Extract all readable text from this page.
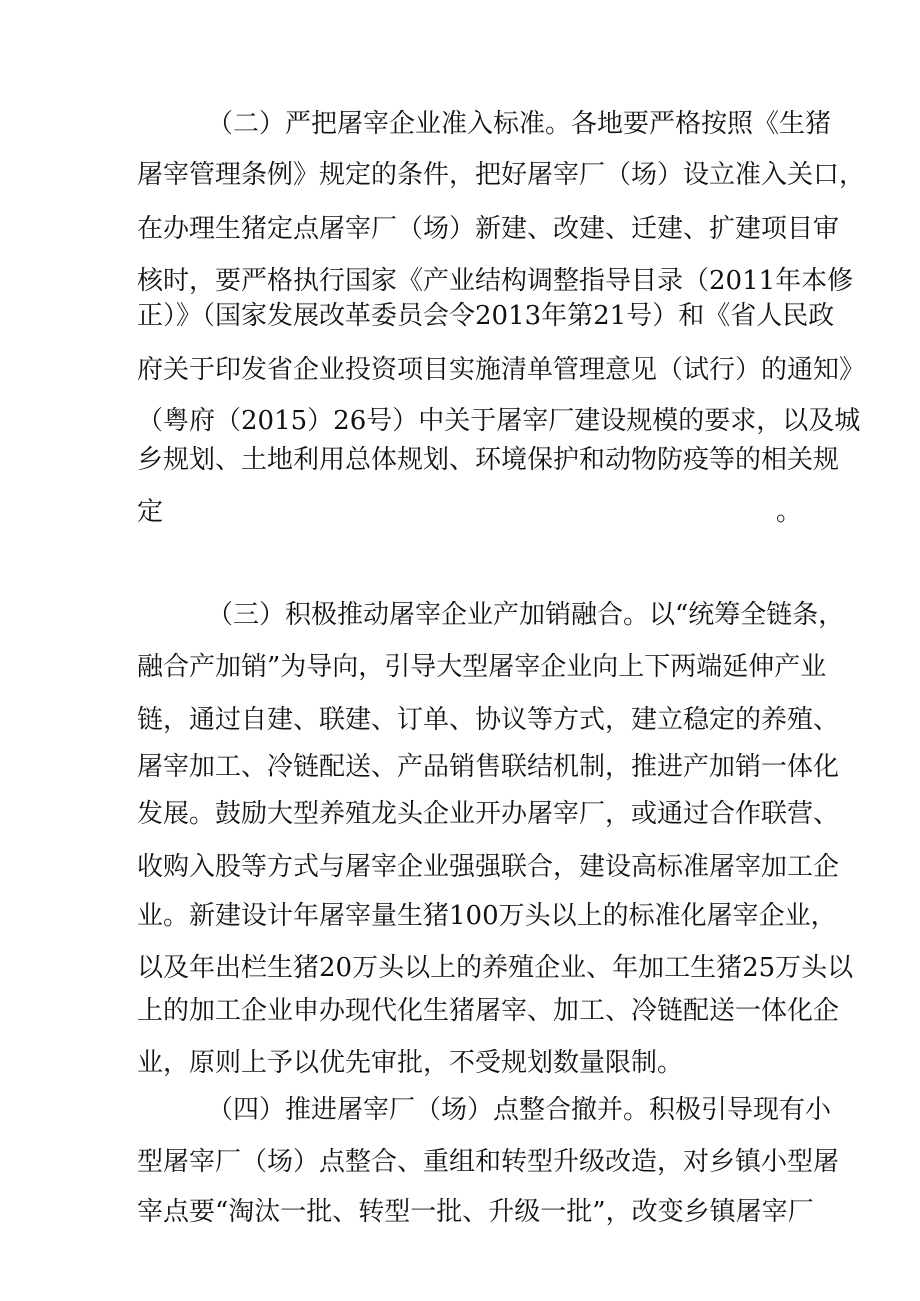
（二）严把屠宰企业准入标准。各地要严格按照《生猪
屠宰管理条例》规定的条件，把好屠宰厂（场）设立准入关口，
在办理生猪定点屠宰厂（场）新建、改建、迁建、扩建项目审
核时，要严格执行国家《产业结构调整指导目录（2011年本修
正）》（国家发展改革委员会令2013年第21号）和《省人民政
府关于印发省企业投资项目实施清单管理意见（试行）的通知》
（粤府（2015）26号）中关于屠宰厂建设规模的要求，以及城
乡规划、土地利用总体规划、环境保护和动物防疫等的相关规
定。
（三）积极推动屠宰企业产加销融合。以“统筹全链条，
融合产加销”为导向，引导大型屠宰企业向上下两端延伸产业
链，通过自建、联建、订单、协议等方式，建立稳定的养殖、
屠宰加工、冷链配送、产品销售联结机制，推进产加销一体化
发展。鼓励大型养殖龙头企业开办屠宰厂，或通过合作联营、
收购入股等方式与屠宰企业强强联合，建设高标准屠宰加工企
业。新建设计年屠宰量生猪100万头以上的标准化屠宰企业，
以及年出栏生猪20万头以上的养殖企业、年加工生猪25万头以
上的加工企业申办现代化生猪屠宰、加工、冷链配送一体化企
业，原则上予以优先审批，不受规划数量限制。
（四）推进屠宰厂（场）点整合撤并。积极引导现有小
型屠宰厂（场）点整合、重组和转型升级改造，对乡镇小型屠
宰点要“淘汰一批、转型一批、升级一批”，改变乡镇屠宰厂
